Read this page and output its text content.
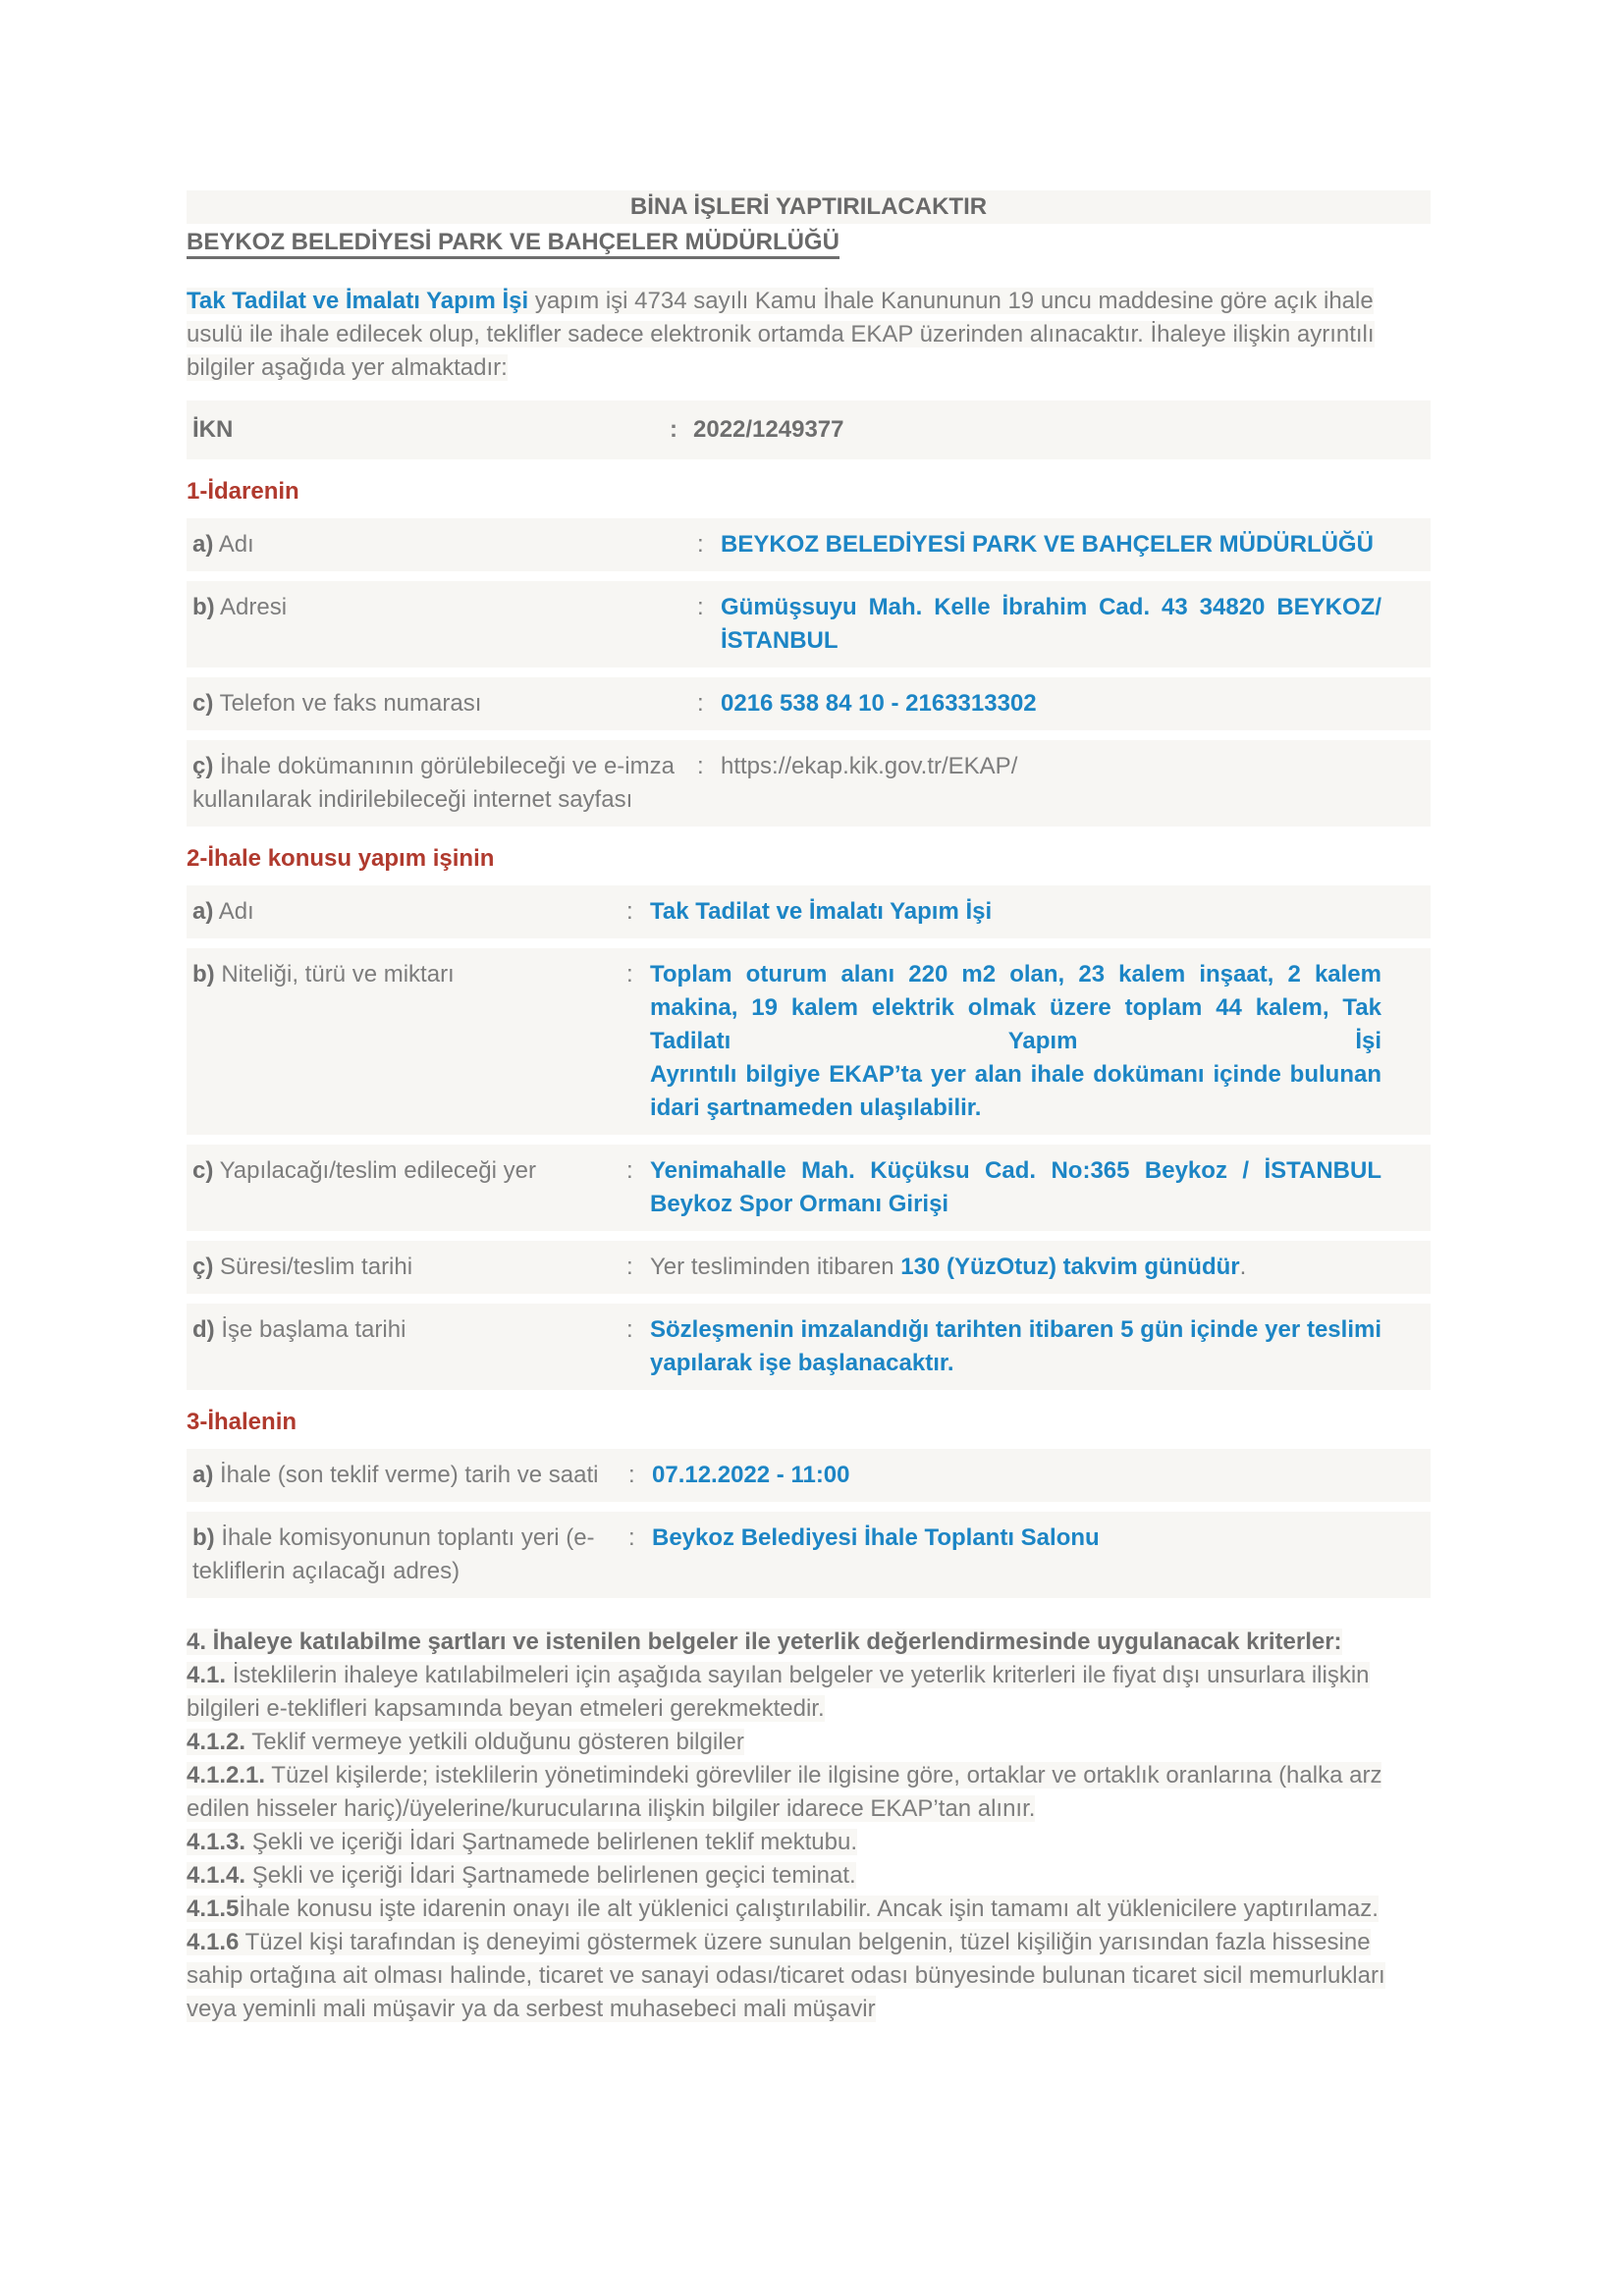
BİNA İŞLERİ YAPTIRILACAKTIR
BEYKOZ BELEDİYESİ PARK VE BAHÇELER MÜDÜRLÜĞÜ

Tak Tadilat ve İmalatı Yapım İşi yapım işi 4734 sayılı Kamu İhale Kanununun 19 uncu maddesine göre açık ihale usulü ile ihale edilecek olup, teklifler sadece elektronik ortamda EKAP üzerinden alınacaktır. İhaleye ilişkin ayrıntılı bilgiler aşağıda yer almaktadır:

İKN	: 2022/1249377
1-İdarenin
a) Adı	: BEYKOZ BELEDİYESİ PARK VE BAHÇELER MÜDÜRLÜĞÜ
b) Adresi	: Gümüşsuyu Mah. Kelle İbrahim Cad. 43 34820 BEYKOZ/İSTANBUL
c) Telefon ve faks numarası	: 0216 538 84 10 - 2163313302
ç) İhale dokümanının görülebileceği ve e-imza kullanılarak indirilebileceği internet sayfası
: https://ekap.kik.gov.tr/EKAP/
2-İhale konusu yapım işinin
a) Adı	: Tak Tadilat ve İmalatı Yapım İşi
b) Niteliği, türü ve miktarı	: Toplam oturum alanı 220 m2 olan, 23 kalem inşaat, 2 kalem makina, 19 kalem elektrik olmak üzere toplam 44 kalem, Tak Tadilatı Yapım İşi
Ayrıntılı bilgiye EKAP’ta yer alan ihale dokümanı içinde bulunan idari şartnameden ulaşılabilir.
c) Yapılacağı/teslim edileceği yer	: Yenimahalle Mah. Küçüksu Cad. No:365 Beykoz / İSTANBUL Beykoz Spor Ormanı Girişi
ç) Süresi/teslim tarihi	: Yer tesliminden itibaren 130 (YüzOtuz) takvim günüdür.
d) İşe başlama tarihi	: Sözleşmenin imzalandığı tarihten itibaren 5 gün içinde yer teslimi yapılarak işe başlanacaktır.
3-İhalenin
a) İhale (son teklif verme) tarih ve saati	: 07.12.2022 - 11:00
b) İhale komisyonunun toplantı yeri (e-tekliflerin açılacağı adres)
: Beykoz Belediyesi İhale Toplantı Salonu
4. İhaleye katılabilme şartları ve istenilen belgeler ile yeterlik değerlendirmesinde uygulanacak kriterler:
4.1. İsteklilerin ihaleye katılabilmeleri için aşağıda sayılan belgeler ve yeterlik kriterleri ile fiyat dışı unsurlara ilişkin bilgileri e-teklifleri kapsamında beyan etmeleri gerekmektedir.
4.1.2. Teklif vermeye yetkili olduğunu gösteren bilgiler
4.1.2.1. Tüzel kişilerde; isteklilerin yönetimindeki görevliler ile ilgisine göre, ortaklar ve ortaklık oranlarına (halka arz edilen hisseler hariç)/üyelerine/kurucularına ilişkin bilgiler idarece EKAP’tan alınır.
4.1.3. Şekli ve içeriği İdari Şartnamede belirlenen teklif mektubu.
4.1.4. Şekli ve içeriği İdari Şartnamede belirlenen geçici teminat.
4.1.5İhale konusu işte idarenin onayı ile alt yüklenici çalıştırılabilir. Ancak işin tamamı alt yüklenicilere yaptırılamaz.
4.1.6 Tüzel kişi tarafından iş deneyimi göstermek üzere sunulan belgenin, tüzel kişiliğin yarısından fazla hissesine sahip ortağına ait olması halinde, ticaret ve sanayi odası/ticaret odası bünyesinde bulunan ticaret sicil memurlukları veya yeminli mali müşavir ya da serbest muhasebeci mali müşavir
